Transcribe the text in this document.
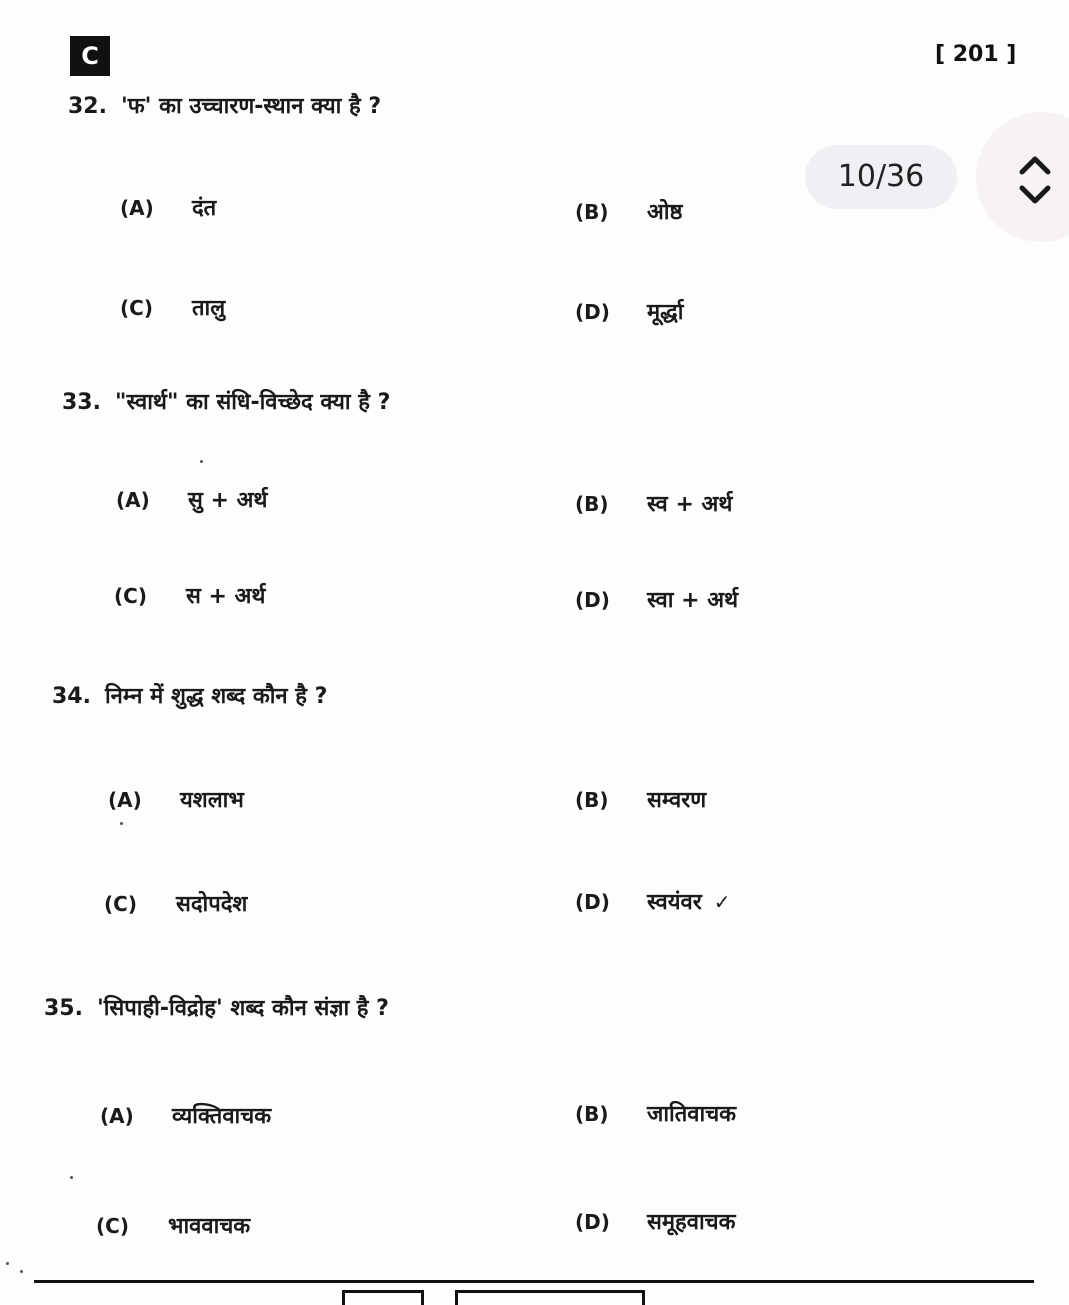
C	[ 201 ]
32. 'फ' का उच्चारण-स्थान क्या है ?
(A) दंत	(B) ओष्ठ
(C) तालु	(D) मूर्द्धा
33. "स्वार्थ" का संधि-विच्छेद क्या है ?
(A) सु + अर्थ	(B) स्व + अर्थ
(C) स + अर्थ	(D) स्वा + अर्थ
34. निम्न में शुद्ध शब्द कौन है ?
(A) यशलाभ	(B) सम्वरण
(C) सदोपदेश	(D) स्वयंवर ✓
35. 'सिपाही-विद्रोह' शब्द कौन संज्ञा है ?
(A) व्यक्तिवाचक	(B) जातिवाचक
(C) भाववाचक	(D) समूहवाचक
10/36
